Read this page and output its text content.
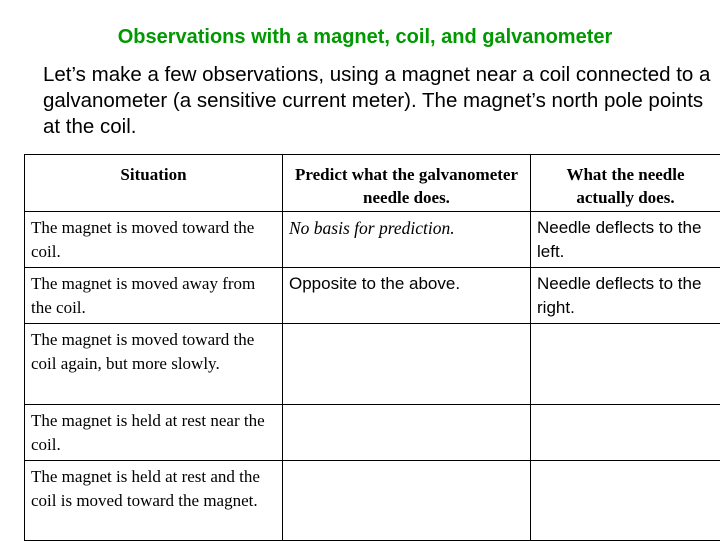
Observations with a magnet, coil, and galvanometer

Let’s make a few observations, using a magnet near a coil connected to a galvanometer (a sensitive current meter). The magnet’s north pole points at the coil.

Situation	Predict what the galvanometer needle does.	What the needle actually does.
The magnet is moved toward the coil.	No basis for prediction.	Needle deflects to the left.
The magnet is moved away from the coil.	Opposite to the above.	Needle deflects to the right.
The magnet is moved toward the coil again, but more slowly.		
The magnet is held at rest near the coil.		
The magnet is held at rest and the coil is moved toward the magnet.		
